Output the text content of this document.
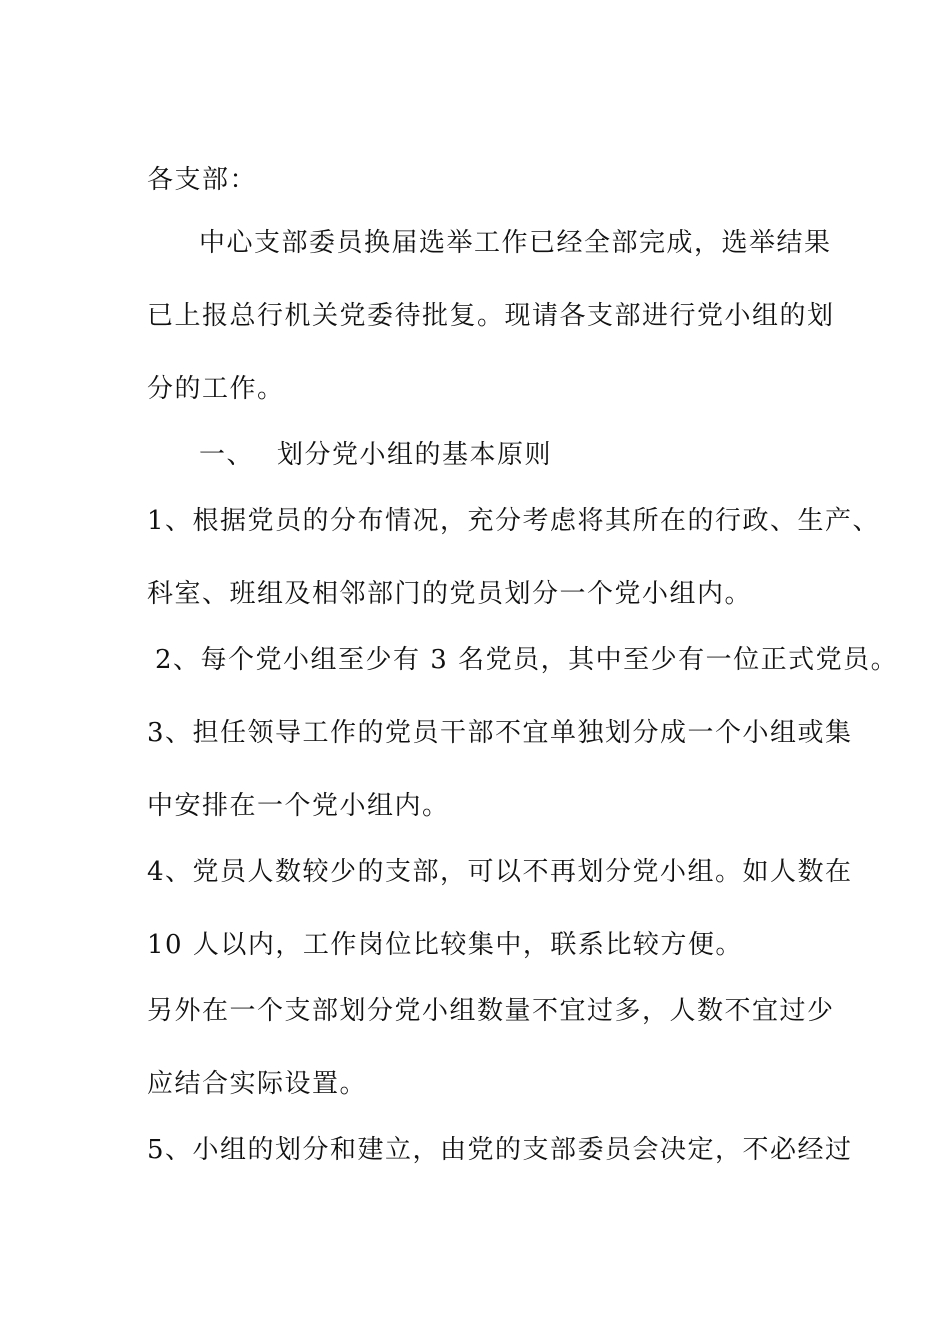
各支部：
中心支部委员换届选举工作已经全部完成，选举结果
已上报总行机关党委待批复。现请各支部进行党小组的划
分的工作。
一、 划分党小组的基本原则
1、根据党员的分布情况，充分考虑将其所在的行政、生产、
科室、班组及相邻部门的党员划分一个党小组内。
2、每个党小组至少有 3 名党员，其中至少有一位正式党员。
3、担任领导工作的党员干部不宜单独划分成一个小组或集
中安排在一个党小组内。
4、党员人数较少的支部，可以不再划分党小组。如人数在
10 人以内，工作岗位比较集中，联系比较方便。
另外在一个支部划分党小组数量不宜过多，人数不宜过少
应结合实际设置。
5、小组的划分和建立，由党的支部委员会决定，不必经过
